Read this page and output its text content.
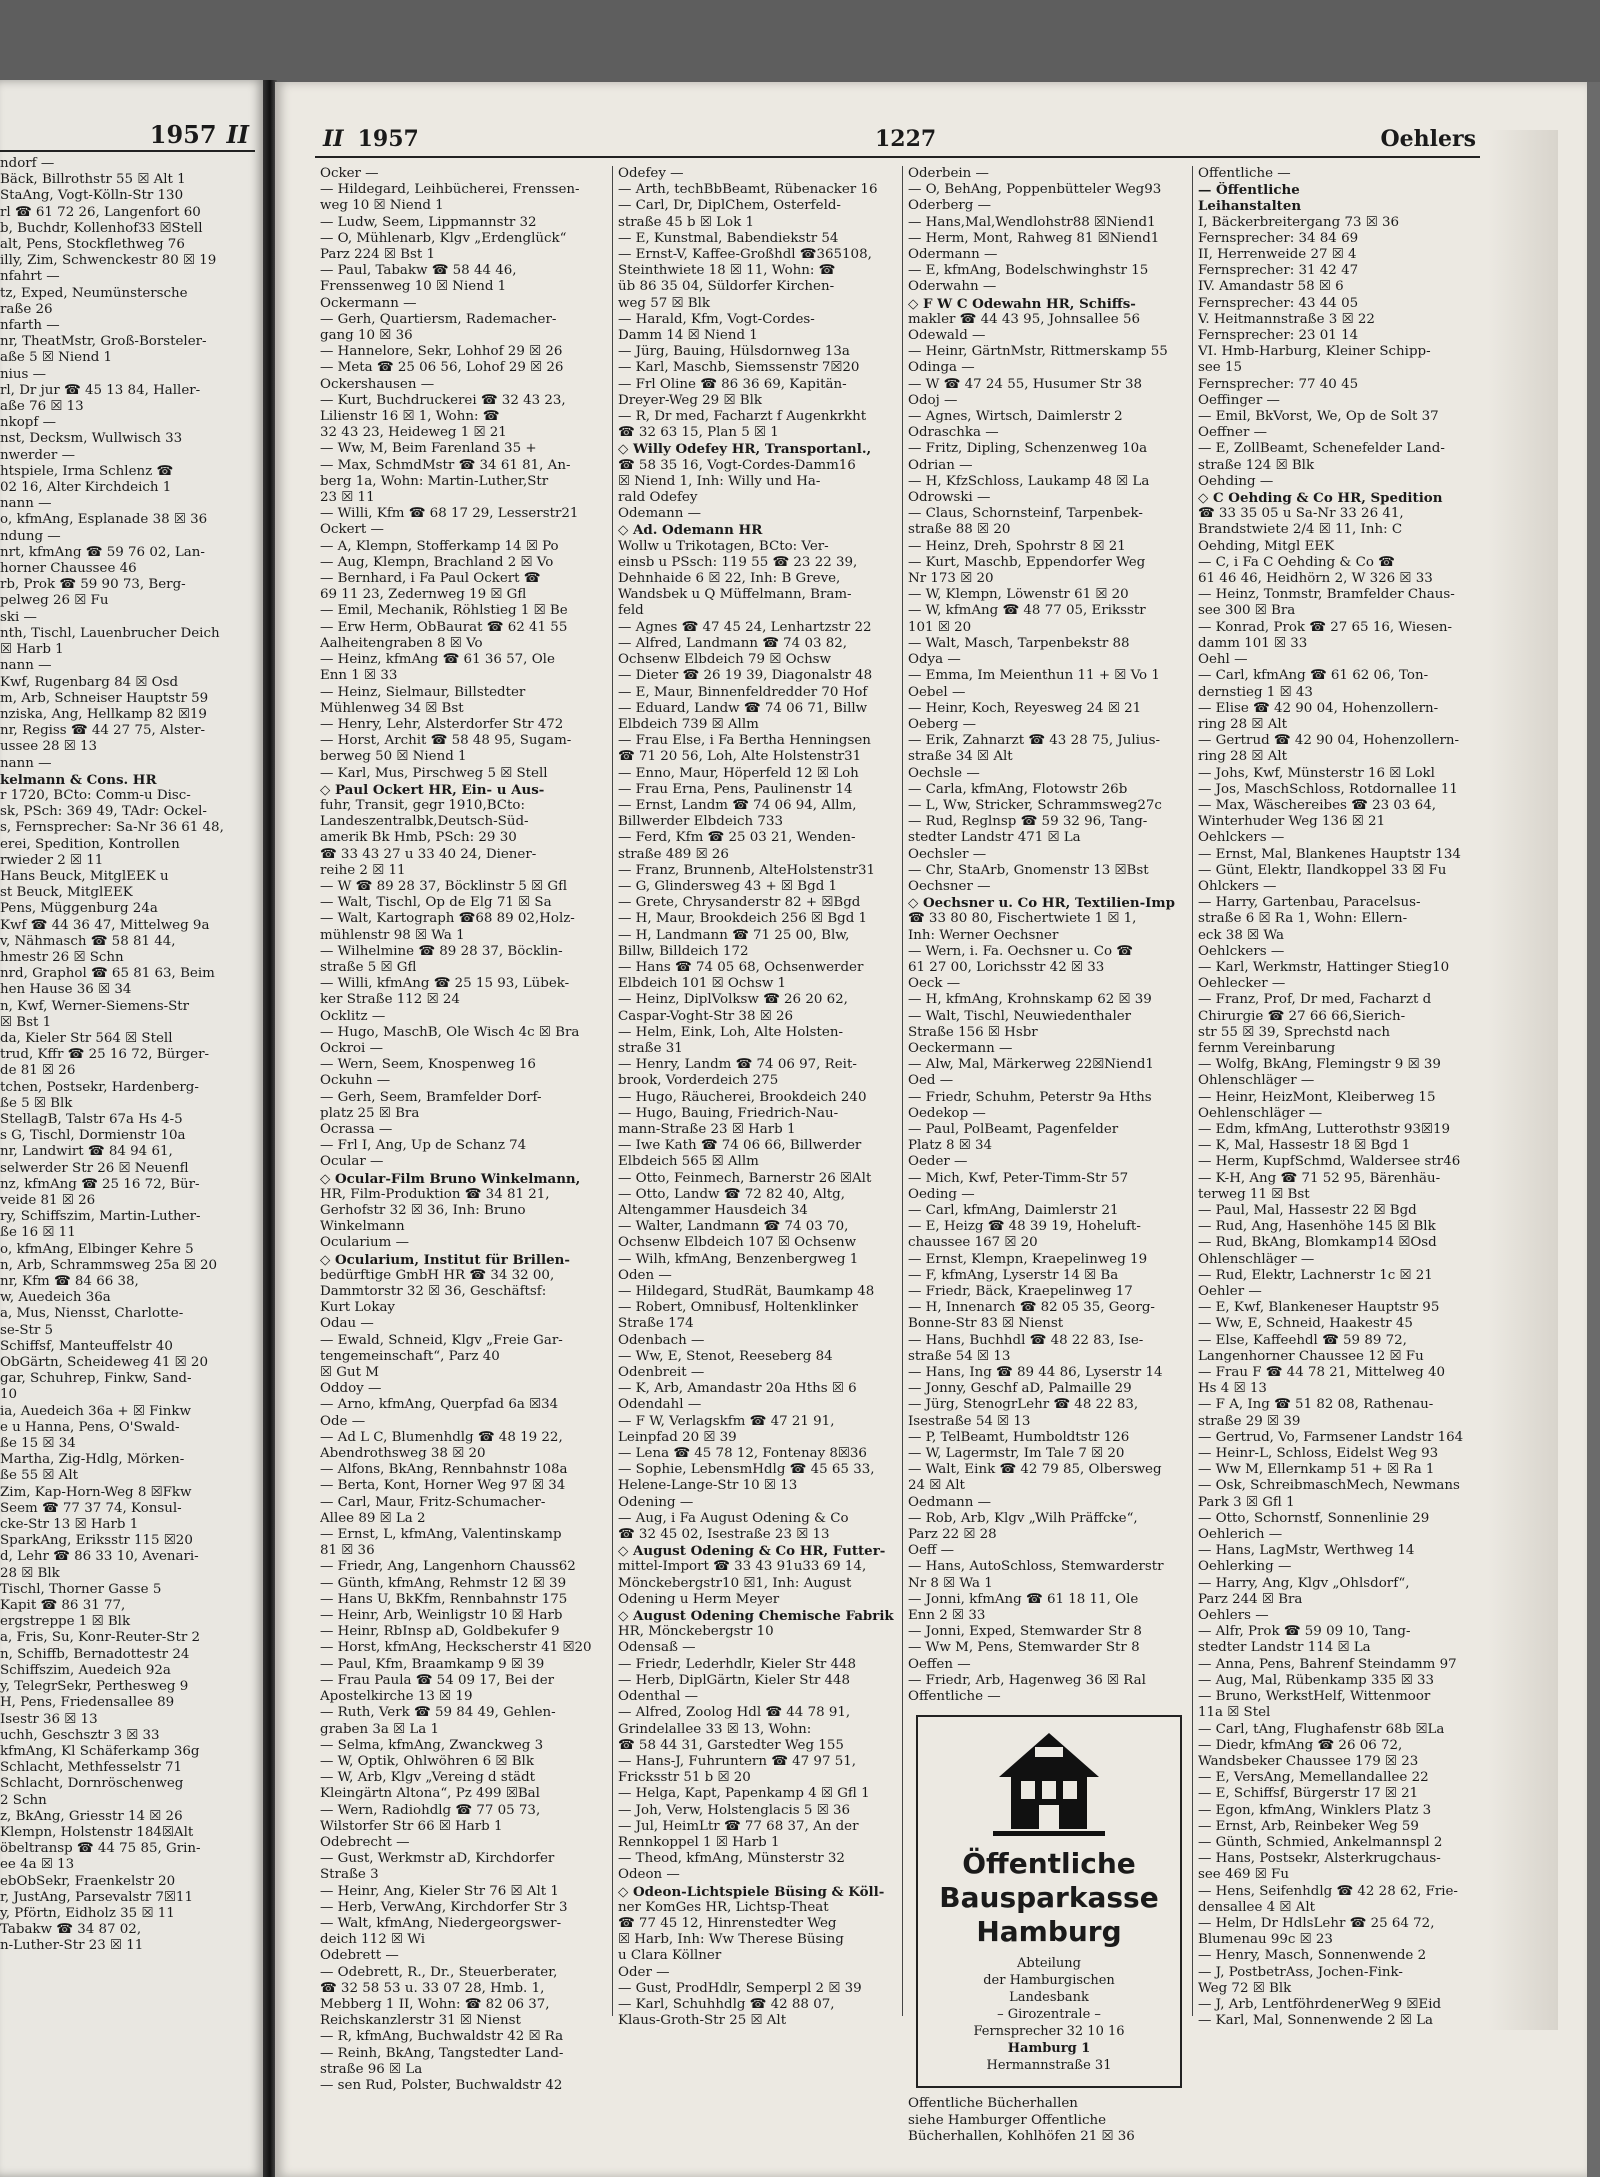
1957 II
ndorf —
Bäck, Billrothstr 55 ☒ Alt 1
StaAng, Vogt-Kölln-Str 130
rl ☎ 61 72 26, Langenfort 60
b, Buchdr, Kollenhof33 ☒Stell
alt, Pens, Stockflethweg 76
illy, Zim, Schwenckestr 80 ☒ 19
nfahrt —
tz, Exped, Neumünstersche
raße 26
nfarth —
nr, TheatMstr, Groß-Borsteler-
aße 5 ☒ Niend 1
nius —
rl, Dr jur ☎ 45 13 84, Haller-
aße 76 ☒ 13
nkopf —
nst, Decksm, Wullwisch 33
nwerder —
htspiele, Irma Schlenz ☎
02 16, Alter Kirchdeich 1
nann —
o, kfmAng, Esplanade 38 ☒ 36
ndung —
nrt, kfmAng ☎ 59 76 02, Lan-
horner Chaussee 46
rb, Prok ☎ 59 90 73, Berg-
pelweg 26 ☒ Fu
ski —
nth, Tischl, Lauenbrucher Deich
☒ Harb 1
nann —
Kwf, Rugenbarg 84 ☒ Osd
m, Arb, Schneiser Hauptstr 59
nziska, Ang, Hellkamp 82 ☒19
nr, Regiss ☎ 44 27 75, Alster-
ussee 28 ☒ 13
nann —
kelmann & Cons. HR
r 1720, BCto: Comm-u Disc-
sk, PSch: 369 49, TAdr: Ockel-
s, Fernsprecher: Sa-Nr 36 61 48,
erei, Spedition, Kontrollen
rwieder 2 ☒ 11
Hans Beuck, MitglEEK u
st Beuck, MitglEEK
Pens, Müggenburg 24a
Kwf ☎ 44 36 47, Mittelweg 9a
v, Nähmasch ☎ 58 81 44,
hmestr 26 ☒ Schn
nrd, Graphol ☎ 65 81 63, Beim
hen Hause 36 ☒ 34
n, Kwf, Werner-Siemens-Str
☒ Bst 1
da, Kieler Str 564 ☒ Stell
trud, Kffr ☎ 25 16 72, Bürger-
de 81 ☒ 26
tchen, Postsekr, Hardenberg-
ße 5 ☒ Blk
StellagB, Talstr 67a Hs 4-5
s G, Tischl, Dormienstr 10a
nr, Landwirt ☎ 84 94 61,
selwerder Str 26 ☒ Neuenfl
nz, kfmAng ☎ 25 16 72, Bür-
veide 81 ☒ 26
ry, Schiffszim, Martin-Luther-
ße 16 ☒ 11
o, kfmAng, Elbinger Kehre 5
n, Arb, Schrammsweg 25a ☒ 20
nr, Kfm ☎ 84 66 38,
w, Auedeich 36a
a, Mus, Niensst, Charlotte-
se-Str 5
Schiffsf, Manteuffelstr 40
ObGärtn, Scheideweg 41 ☒ 20
gar, Schuhrep, Finkw, Sand-
10
ia, Auedeich 36a + ☒ Finkw
e u Hanna, Pens, O'Swald-
ße 15 ☒ 34
Martha, Zig-Hdlg, Mörken-
ße 55 ☒ Alt
Zim, Kap-Horn-Weg 8 ☒Fkw
Seem ☎ 77 37 74, Konsul-
cke-Str 13 ☒ Harb 1
SparkAng, Eriksstr 115 ☒20
d, Lehr ☎ 86 33 10, Avenari-
28 ☒ Blk
Tischl, Thorner Gasse 5
Kapit ☎ 86 31 77,
ergstreppe 1 ☒ Blk
a, Fris, Su, Konr-Reuter-Str 2
n, Schiffb, Bernadottestr 24
Schiffszim, Auedeich 92a
y, TelegrSekr, Perthesweg 9
H, Pens, Friedensallee 89
Isestr 36 ☒ 13
uchh, Geschsztr 3 ☒ 33
kfmAng, Kl Schäferkamp 36g
Schlacht, Methfesselstr 71
Schlacht, Dornröschenweg
2 Schn
z, BkAng, Griesstr 14 ☒ 26
Klempn, Holstenstr 184☒Alt
öbeltransp ☎ 44 75 85, Grin-
ee 4a ☒ 13
ebObSekr, Fraenkelstr 20
r, JustAng, Parsevalstr 7☒11
y, Pförtn, Eidholz 35 ☒ 11
Tabakw ☎ 34 87 02,
n-Luther-Str 23 ☒ 11
II 1957	1227	Oehlers
Ocker —
— Hildegard, Leihbücherei, Frenssen-
weg 10 ☒ Niend 1
— Ludw, Seem, Lippmannstr 32
— O, Mühlenarb, Klgv „Erdenglück“
Parz 224 ☒ Bst 1
— Paul, Tabakw ☎ 58 44 46,
Frenssenweg 10 ☒ Niend 1
Ockermann —
— Gerh, Quartiersm, Rademacher-
gang 10 ☒ 36
— Hannelore, Sekr, Lohhof 29 ☒ 26
— Meta ☎ 25 06 56, Lohof 29 ☒ 26
Ockershausen —
— Kurt, Buchdruckerei ☎ 32 43 23,
Lilienstr 16 ☒ 1, Wohn: ☎
32 43 23, Heideweg 1 ☒ 21
— Ww, M, Beim Farenland 35 +
— Max, SchmdMstr ☎ 34 61 81, An-
berg 1a, Wohn: Martin-Luther,Str
23 ☒ 11
— Willi, Kfm ☎ 68 17 29, Lesserstr21
Ockert —
— A, Klempn, Stofferkamp 14 ☒ Po
— Aug, Klempn, Brachland 2 ☒ Vo
— Bernhard, i Fa Paul Ockert ☎
69 11 23, Zedernweg 19 ☒ Gfl
— Emil, Mechanik, Röhlstieg 1 ☒ Be
— Erw Herm, ObBaurat ☎ 62 41 55
Aalheitengraben 8 ☒ Vo
— Heinz, kfmAng ☎ 61 36 57, Ole
Enn 1 ☒ 33
— Heinz, Sielmaur, Billstedter
Mühlenweg 34 ☒ Bst
— Henry, Lehr, Alsterdorfer Str 472
— Horst, Archit ☎ 58 48 95, Sugam-
berweg 50 ☒ Niend 1
— Karl, Mus, Pirschweg 5 ☒ Stell
◇ Paul Ockert HR, Ein- u Aus-
fuhr, Transit, gegr 1910,BCto:
Landeszentralbk,Deutsch-Süd-
amerik Bk Hmb, PSch: 29 30
☎ 33 43 27 u 33 40 24, Diener-
reihe 2 ☒ 11
— W ☎ 89 28 37, Böcklinstr 5 ☒ Gfl
— Walt, Tischl, Op de Elg 71 ☒ Sa
— Walt, Kartograph ☎68 89 02,Holz-
mühlenstr 98 ☒ Wa 1
— Wilhelmine ☎ 89 28 37, Böcklin-
straße 5 ☒ Gfl
— Willi, kfmAng ☎ 25 15 93, Lübek-
ker Straße 112 ☒ 24
Ocklitz —
— Hugo, MaschB, Ole Wisch 4c ☒ Bra
Ockroi —
— Wern, Seem, Knospenweg 16
Ockuhn —
— Gerh, Seem, Bramfelder Dorf-
platz 25 ☒ Bra
Ocrassa —
— Frl I, Ang, Up de Schanz 74
Ocular —
◇ Ocular-Film Bruno Winkelmann,
HR, Film-Produktion ☎ 34 81 21,
Gerhofstr 32 ☒ 36, Inh: Bruno
Winkelmann
Ocularium —
◇ Ocularium, Institut für Brillen-
bedürftige GmbH HR ☎ 34 32 00,
Dammtorstr 32 ☒ 36, Geschäftsf:
Kurt Lokay
Odau —
— Ewald, Schneid, Klgv „Freie Gar-
tengemeinschaft“, Parz 40
☒ Gut M
Oddoy —
— Arno, kfmAng, Querpfad 6a ☒34
Ode —
— Ad L C, Blumenhdlg ☎ 48 19 22,
Abendrothsweg 38 ☒ 20
— Alfons, BkAng, Rennbahnstr 108a
— Berta, Kont, Horner Weg 97 ☒ 34
— Carl, Maur, Fritz-Schumacher-
Allee 89 ☒ La 2
— Ernst, L, kfmAng, Valentinskamp
81 ☒ 36
— Friedr, Ang, Langenhorn Chauss62
— Günth, kfmAng, Rehmstr 12 ☒ 39
— Hans U, BkKfm, Rennbahnstr 175
— Heinr, Arb, Weinligstr 10 ☒ Harb
— Heinr, RbInsp aD, Goldbekufer 9
— Horst, kfmAng, Heckscherstr 41 ☒20
— Paul, Kfm, Braamkamp 9 ☒ 39
— Frau Paula ☎ 54 09 17, Bei der
Apostelkirche 13 ☒ 19
— Ruth, Verk ☎ 59 84 49, Gehlen-
graben 3a ☒ La 1
— Selma, kfmAng, Zwanckweg 3
— W, Optik, Ohlwöhren 6 ☒ Blk
— W, Arb, Klgv „Vereing d städt
Kleingärtn Altona“, Pz 499 ☒Bal
— Wern, Radiohdlg ☎ 77 05 73,
Wilstorfer Str 66 ☒ Harb 1
Odebrecht —
— Gust, Werkmstr aD, Kirchdorfer
Straße 3
— Heinr, Ang, Kieler Str 76 ☒ Alt 1
— Herb, VerwAng, Kirchdorfer Str 3
— Walt, kfmAng, Niedergeorgswer-
deich 112 ☒ Wi
Odebrett —
— Odebrett, R., Dr., Steuerberater,
☎ 32 58 53 u. 33 07 28, Hmb. 1,
Mebberg 1 II, Wohn: ☎ 82 06 37,
Reichskanzlerstr 31 ☒ Nienst
— R, kfmAng, Buchwaldstr 42 ☒ Ra
— Reinh, BkAng, Tangstedter Land-
straße 96 ☒ La
— sen Rud, Polster, Buchwaldstr 42
Odefey —
— Arth, techBbBeamt, Rübenacker 16
— Carl, Dr, DiplChem, Osterfeld-
straße 45 b ☒ Lok 1
— E, Kunstmal, Babendiekstr 54
— Ernst-V, Kaffee-Großhdl ☎365108,
Steinthwiete 18 ☒ 11, Wohn: ☎
üb 86 35 04, Süldorfer Kirchen-
weg 57 ☒ Blk
— Harald, Kfm, Vogt-Cordes-
Damm 14 ☒ Niend 1
— Jürg, Bauing, Hülsdornweg 13a
— Karl, Maschb, Siemssenstr 7☒20
— Frl Oline ☎ 86 36 69, Kapitän-
Dreyer-Weg 29 ☒ Blk
— R, Dr med, Facharzt f Augenkrkht
☎ 32 63 15, Plan 5 ☒ 1
◇ Willy Odefey HR, Transportanl.,
☎ 58 35 16, Vogt-Cordes-Damm16
☒ Niend 1, Inh: Willy und Ha-
rald Odefey
Odemann —
◇ Ad. Odemann HR
Wollw u Trikotagen, BCto: Ver-
einsb u PSsch: 119 55 ☎ 23 22 39,
Dehnhaide 6 ☒ 22, Inh: B Greve,
Wandsbek u Q Müffelmann, Bram-
feld
— Agnes ☎ 47 45 24, Lenhartzstr 22
— Alfred, Landmann ☎ 74 03 82,
Ochsenw Elbdeich 79 ☒ Ochsw
— Dieter ☎ 26 19 39, Diagonalstr 48
— E, Maur, Binnenfeldredder 70 Hof
— Eduard, Landw ☎ 74 06 71, Billw
Elbdeich 739 ☒ Allm
— Frau Else, i Fa Bertha Henningsen
☎ 71 20 56, Loh, Alte Holstenstr31
— Enno, Maur, Höperfeld 12 ☒ Loh
— Frau Erna, Pens, Paulinenstr 14
— Ernst, Landm ☎ 74 06 94, Allm,
Billwerder Elbdeich 733
— Ferd, Kfm ☎ 25 03 21, Wenden-
straße 489 ☒ 26
— Franz, Brunnenb, AlteHolstenstr31
— G, Glindersweg 43 + ☒ Bgd 1
— Grete, Chrysanderstr 82 + ☒Bgd
— H, Maur, Brookdeich 256 ☒ Bgd 1
— H, Landmann ☎ 71 25 00, Blw,
Billw, Billdeich 172
— Hans ☎ 74 05 68, Ochsenwerder
Elbdeich 101 ☒ Ochsw 1
— Heinz, DiplVolksw ☎ 26 20 62,
Caspar-Voght-Str 38 ☒ 26
— Helm, Eink, Loh, Alte Holsten-
straße 31
— Henry, Landm ☎ 74 06 97, Reit-
brook, Vorderdeich 275
— Hugo, Räucherei, Brookdeich 240
— Hugo, Bauing, Friedrich-Nau-
mann-Straße 23 ☒ Harb 1
— Iwe Kath ☎ 74 06 66, Billwerder
Elbdeich 565 ☒ Allm
— Otto, Feinmech, Barnerstr 26 ☒Alt
— Otto, Landw ☎ 72 82 40, Altg,
Altengammer Hausdeich 34
— Walter, Landmann ☎ 74 03 70,
Ochsenw Elbdeich 107 ☒ Ochsenw
— Wilh, kfmAng, Benzenbergweg 1
Oden —
— Hildegard, StudRät, Baumkamp 48
— Robert, Omnibusf, Holtenklinker
Straße 174
Odenbach —
— Ww, E, Stenot, Reeseberg 84
Odenbreit —
— K, Arb, Amandastr 20a Hths ☒ 6
Odendahl —
— F W, Verlagskfm ☎ 47 21 91,
Leinpfad 20 ☒ 39
— Lena ☎ 45 78 12, Fontenay 8☒36
— Sophie, LebensmHdlg ☎ 45 65 33,
Helene-Lange-Str 10 ☒ 13
Odening —
— Aug, i Fa August Odening & Co
☎ 32 45 02, Isestraße 23 ☒ 13
◇ August Odening & Co HR, Futter-
mittel-Import ☎ 33 43 91u33 69 14,
Mönckebergstr10 ☒1, Inh: August
Odening u Herm Meyer
◇ August Odening Chemische Fabrik
HR, Mönckebergstr 10
Odensaß —
— Friedr, Lederhdlr, Kieler Str 448
— Herb, DiplGärtn, Kieler Str 448
Odenthal —
— Alfred, Zoolog Hdl ☎ 44 78 91,
Grindelallee 33 ☒ 13, Wohn:
☎ 58 44 31, Garstedter Weg 155
— Hans-J, Fuhruntern ☎ 47 97 51,
Fricksstr 51 b ☒ 20
— Helga, Kapt, Papenkamp 4 ☒ Gfl 1
— Joh, Verw, Holstenglacis 5 ☒ 36
— Jul, HeimLtr ☎ 77 68 37, An der
Rennkoppel 1 ☒ Harb 1
— Theod, kfmAng, Münsterstr 32
Odeon —
◇ Odeon-Lichtspiele Büsing & Köll-
ner KomGes HR, Lichtsp-Theat
☎ 77 45 12, Hinrenstedter Weg
☒ Harb, Inh: Ww Therese Büsing
u Clara Köllner
Oder —
— Gust, ProdHdlr, Semperpl 2 ☒ 39
— Karl, Schuhhdlg ☎ 42 88 07,
Klaus-Groth-Str 25 ☒ Alt
Oderbein —
— O, BehAng, Poppenbütteler Weg93
Oderberg —
— Hans,Mal,Wendlohstr88 ☒Niend1
— Herm, Mont, Rahweg 81 ☒Niend1
Odermann —
— E, kfmAng, Bodelschwinghstr 15
Oderwahn —
◇ F W C Odewahn HR, Schiffs-
makler ☎ 44 43 95, Johnsallee 56
Odewald —
— Heinr, GärtnMstr, Rittmerskamp 55
Odinga —
— W ☎ 47 24 55, Husumer Str 38
Odoj —
— Agnes, Wirtsch, Daimlerstr 2
Odraschka —
— Fritz, Dipling, Schenzenweg 10a
Odrian —
— H, KfzSchloss, Laukamp 48 ☒ La
Odrowski —
— Claus, Schornsteinf, Tarpenbek-
straße 88 ☒ 20
— Heinz, Dreh, Spohrstr 8 ☒ 21
— Kurt, Maschb, Eppendorfer Weg
Nr 173 ☒ 20
— W, Klempn, Löwenstr 61 ☒ 20
— W, kfmAng ☎ 48 77 05, Eriksstr
101 ☒ 20
— Walt, Masch, Tarpenbekstr 88
Odya —
— Emma, Im Meienthun 11 + ☒ Vo 1
Oebel —
— Heinr, Koch, Reyesweg 24 ☒ 21
Oeberg —
— Erik, Zahnarzt ☎ 43 28 75, Julius-
straße 34 ☒ Alt
Oechsle —
— Carla, kfmAng, Flotowstr 26b
— L, Ww, Stricker, Schrammsweg27c
— Rud, Reglnsp ☎ 59 32 96, Tang-
stedter Landstr 471 ☒ La
Oechsler —
— Chr, StaArb, Gnomenstr 13 ☒Bst
Oechsner —
◇ Oechsner u. Co HR, Textilien-Imp
☎ 33 80 80, Fischertwiete 1 ☒ 1,
Inh: Werner Oechsner
— Wern, i. Fa. Oechsner u. Co ☎
61 27 00, Lorichsstr 42 ☒ 33
Oeck —
— H, kfmAng, Krohnskamp 62 ☒ 39
— Walt, Tischl, Neuwiedenthaler
Straße 156 ☒ Hsbr
Oeckermann —
— Alw, Mal, Märkerweg 22☒Niend1
Oed —
— Friedr, Schuhm, Peterstr 9a Hths
Oedekop —
— Paul, PolBeamt, Pagenfelder
Platz 8 ☒ 34
Oeder —
— Mich, Kwf, Peter-Timm-Str 57
Oeding —
— Carl, kfmAng, Daimlerstr 21
— E, Heizg ☎ 48 39 19, Hoheluft-
chaussee 167 ☒ 20
— Ernst, Klempn, Kraepelinweg 19
— F, kfmAng, Lyserstr 14 ☒ Ba
— Friedr, Bäck, Kraepelinweg 17
— H, Innenarch ☎ 82 05 35, Georg-
Bonne-Str 83 ☒ Nienst
— Hans, Buchhdl ☎ 48 22 83, Ise-
straße 54 ☒ 13
— Hans, Ing ☎ 89 44 86, Lyserstr 14
— Jonny, Geschf aD, Palmaille 29
— Jürg, StenogrLehr ☎ 48 22 83,
Isestraße 54 ☒ 13
— P, TelBeamt, Humboldtstr 126
— W, Lagermstr, Im Tale 7 ☒ 20
— Walt, Eink ☎ 42 79 85, Olbersweg
24 ☒ Alt
Oedmann —
— Rob, Arb, Klgv „Wilh Präffcke“,
Parz 22 ☒ 28
Oeff —
— Hans, AutoSchloss, Stemwarderstr
Nr 8 ☒ Wa 1
— Jonni, kfmAng ☎ 61 18 11, Ole
Enn 2 ☒ 33
— Jonni, Exped, Stemwarder Str 8
— Ww M, Pens, Stemwarder Str 8
Oeffen —
— Friedr, Arb, Hagenweg 36 ☒ Ral
Öffentliche —
Öffentliche
Bausparkasse
Hamburg
Abteilung
der Hamburgischen
Landesbank
– Girozentrale –
Fernsprecher 32 10 16
Hamburg 1
Hermannstraße 31
Öffentliche Bücherhallen
siehe Hamburger Öffentliche
Bücherhallen, Kohlhöfen 21 ☒ 36
Öffentliche —
— Öffentliche
Leihanstalten
I, Bäckerbreitergang 73 ☒ 36
Fernsprecher: 34 84 69
II, Herrenweide 27 ☒ 4
Fernsprecher: 31 42 47
IV. Amandastr 58 ☒ 6
Fernsprecher: 43 44 05
V. Heitmannstraße 3 ☒ 22
Fernsprecher: 23 01 14
VI. Hmb-Harburg, Kleiner Schipp-
see 15
Fernsprecher: 77 40 45
Oeffinger —
— Emil, BkVorst, We, Op de Solt 37
Oeffner —
— E, ZollBeamt, Schenefelder Land-
straße 124 ☒ Blk
Oehding —
◇ C Oehding & Co HR, Spedition
☎ 33 35 05 u Sa-Nr 33 26 41,
Brandstwiete 2/4 ☒ 11, Inh: C
Oehding, Mitgl EEK
— C, i Fa C Oehding & Co ☎
61 46 46, Heidhörn 2, W 326 ☒ 33
— Heinz, Tonmstr, Bramfelder Chaus-
see 300 ☒ Bra
— Konrad, Prok ☎ 27 65 16, Wiesen-
damm 101 ☒ 33
Oehl —
— Carl, kfmAng ☎ 61 62 06, Ton-
dernstieg 1 ☒ 43
— Elise ☎ 42 90 04, Hohenzollern-
ring 28 ☒ Alt
— Gertrud ☎ 42 90 04, Hohenzollern-
ring 28 ☒ Alt
— Johs, Kwf, Münsterstr 16 ☒ Lokl
— Jos, MaschSchloss, Rotdornallee 11
— Max, Wäschereibes ☎ 23 03 64,
Winterhuder Weg 136 ☒ 21
Oehlckers —
— Ernst, Mal, Blankenes Hauptstr 134
— Günt, Elektr, Ilandkoppel 33 ☒ Fu
Ohlckers —
— Harry, Gartenbau, Paracelsus-
straße 6 ☒ Ra 1, Wohn: Ellern-
eck 38 ☒ Wa
Oehlckers —
— Karl, Werkmstr, Hattinger Stieg10
Oehlecker —
— Franz, Prof, Dr med, Facharzt d
Chirurgie ☎ 27 66 66,Sierich-
str 55 ☒ 39, Sprechstd nach
fernm Vereinbarung
— Wolfg, BkAng, Flemingstr 9 ☒ 39
Ohlenschläger —
— Heinr, HeizMont, Kleiberweg 15
Oehlenschläger —
— Edm, kfmAng, Lutterothstr 93☒19
— K, Mal, Hassestr 18 ☒ Bgd 1
— Herm, KupfSchmd, Waldersee str46
— K-H, Ang ☎ 71 52 95, Bärenhäu-
terweg 11 ☒ Bst
— Paul, Mal, Hassestr 22 ☒ Bgd
— Rud, Ang, Hasenhöhe 145 ☒ Blk
— Rud, BkAng, Blomkamp14 ☒Osd
Öhlenschläger —
— Rud, Elektr, Lachnerstr 1c ☒ 21
Oehler —
— E, Kwf, Blankeneser Hauptstr 95
— Ww, E, Schneid, Haakestr 45
— Else, Kaffeehdl ☎ 59 89 72,
Langenhorner Chaussee 12 ☒ Fu
— Frau F ☎ 44 78 21, Mittelweg 40
Hs 4 ☒ 13
— F A, Ing ☎ 51 82 08, Rathenau-
straße 29 ☒ 39
— Gertrud, Vo, Farmsener Landstr 164
— Heinr-L, Schloss, Eidelst Weg 93
— Ww M, Ellernkamp 51 + ☒ Ra 1
— Osk, SchreibmaschMech, Newmans
Park 3 ☒ Gfl 1
— Otto, Schornstf, Sonnenlinie 29
Oehlerich —
— Hans, LagMstr, Werthweg 14
Oehlerking —
— Harry, Ang, Klgv „Ohlsdorf“,
Parz 244 ☒ Bra
Oehlers —
— Alfr, Prok ☎ 59 09 10, Tang-
stedter Landstr 114 ☒ La
— Anna, Pens, Bahrenf Steindamm 97
— Aug, Mal, Rübenkamp 335 ☒ 33
— Bruno, WerkstHelf, Wittenmoor
11a ☒ Stel
— Carl, tAng, Flughafenstr 68b ☒La
— Diedr, kfmAng ☎ 26 06 72,
Wandsbeker Chaussee 179 ☒ 23
— E, VersAng, Memellandallee 22
— E, Schiffsf, Bürgerstr 17 ☒ 21
— Egon, kfmAng, Winklers Platz 3
— Ernst, Arb, Reinbeker Weg 59
— Günth, Schmied, Ankelmannspl 2
— Hans, Postsekr, Alsterkrugchaus-
see 469 ☒ Fu
— Hens, Seifenhdlg ☎ 42 28 62, Frie-
densallee 4 ☒ Alt
— Helm, Dr HdlsLehr ☎ 25 64 72,
Blumenau 99c ☒ 23
— Henry, Masch, Sonnenwende 2
— J, PostbetrAss, Jochen-Fink-
Weg 72 ☒ Blk
— J, Arb, LentföhrdenerWeg 9 ☒Eid
— Karl, Mal, Sonnenwende 2 ☒ La
